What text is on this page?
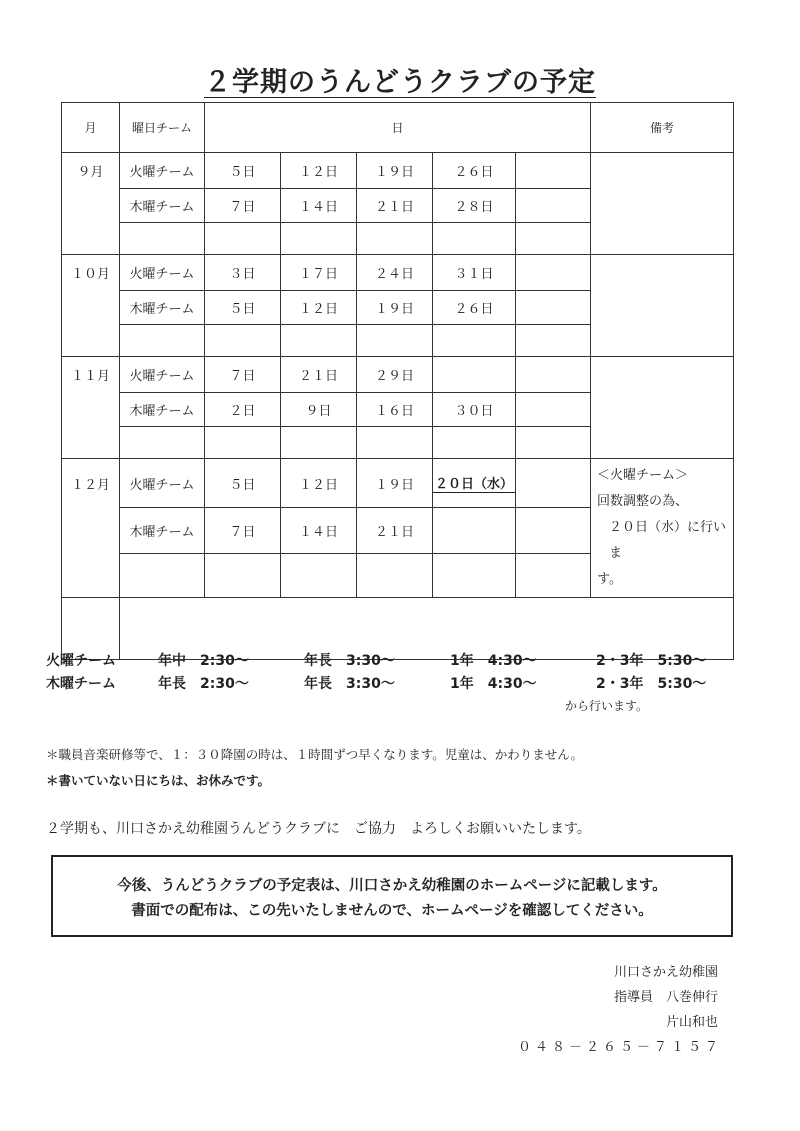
２学期のうんどうクラブの予定
月	曜日チーム	日					備考
９月	火曜チーム	５日	１２日	１９日	２６日		
	木曜チーム	７日	１４日	２１日	２８日		

１０月	火曜チーム	３日	１７日	２４日	３１日		
	木曜チーム	５日	１２日	１９日	２６日		

１１月	火曜チーム	７日	２１日	２９日			
	木曜チーム	２日	９日	１６日	３０日		

１２月	火曜チーム	５日	１２日	１９日	２０日（水）		＜火曜チーム＞
回数調整の為、
２０日（水）に行いま
す。

	木曜チーム	７日	１４日	２１日			

火曜チーム	年中　2:30～	年長　3:30～	1年　4:30～	2・3年　5:30～
木曜チーム	年長　2:30～	年長　3:30～	1年　4:30～	2・3年　5:30～
から行います。
＊職員音楽研修等で、１：３０降園の時は、１時間ずつ早くなります。児童は、かわりません。
＊書いていない日にちは、お休みです。
２学期も、川口さかえ幼稚園うんどうクラブに　ご協力　よろしくお願いいたします。
今後、うんどうクラブの予定表は、川口さかえ幼稚園のホームページに記載します。
書面での配布は、この先いたしませんので、ホームページを確認してください。
川口さかえ幼稚園
指導員　八巻伸行
片山和也
０４８－２６５－７１５７
